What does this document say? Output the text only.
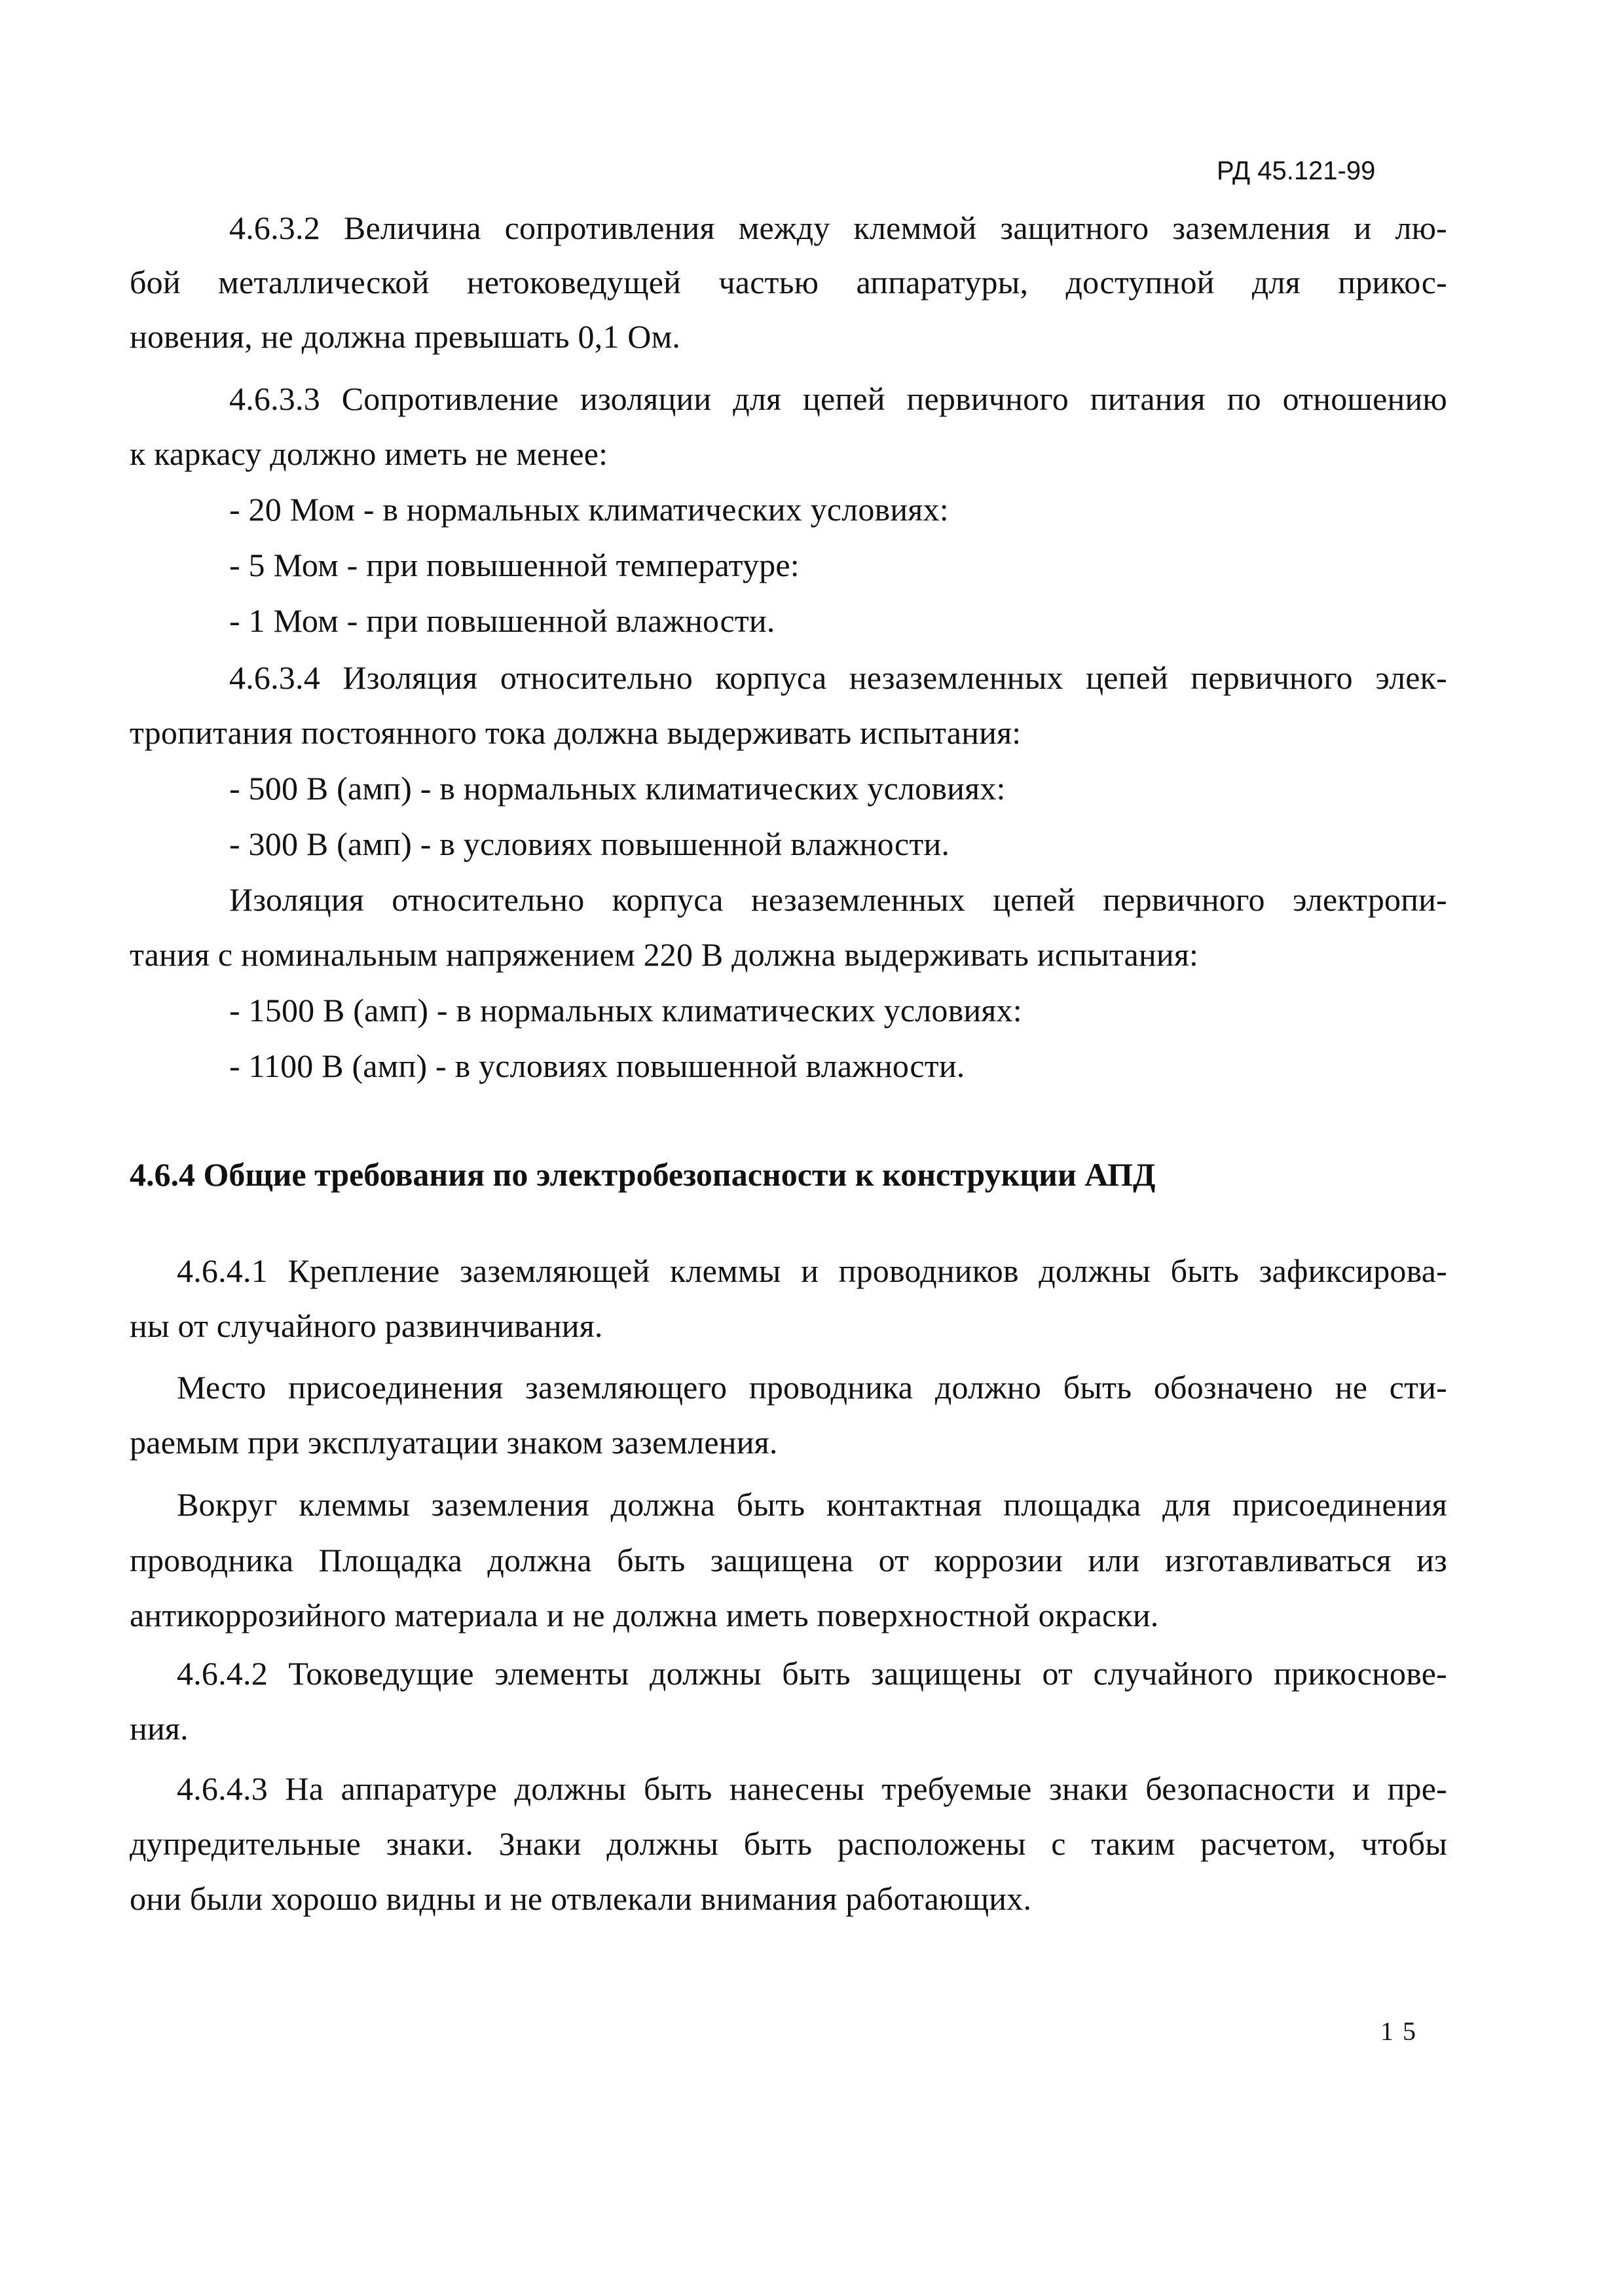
РД 45.121-99
4.6.3.2 Величина сопротивления между клеммой защитного заземления и лю-
бой металлической нетоковедущей частью аппаратуры, доступной для прикос-
новения, не должна превышать 0,1 Ом.
4.6.3.3 Сопротивление изоляции для цепей первичного питания по отношению
к каркасу должно иметь не менее:
- 20 Мом - в нормальных климатических условиях:
- 5 Мом - при повышенной температуре:
- 1 Мом - при повышенной влажности.
4.6.3.4 Изоляция относительно корпуса незаземленных цепей первичного элек-
тропитания постоянного тока должна выдерживать испытания:
- 500 В (амп) - в нормальных климатических условиях:
- 300 В (амп) - в условиях повышенной влажности.
Изоляция относительно корпуса незаземленных цепей первичного электропи-
тания с номинальным напряжением 220 В должна выдерживать испытания:
- 1500 В (амп) - в нормальных климатических условиях:
- 1100 В (амп) - в условиях повышенной влажности.
4.6.4 Общие требования по электробезопасности к конструкции АПД
4.6.4.1 Крепление заземляющей клеммы и проводников должны быть зафиксирова-
ны от случайного развинчивания.
Место присоединения заземляющего проводника должно быть обозначено не сти-
раемым при эксплуатации знаком заземления.
Вокруг клеммы заземления должна быть контактная площадка для присоединения
проводника Площадка должна быть защищена от коррозии или изготавливаться из
антикоррозийного материала и не должна иметь поверхностной окраски.
4.6.4.2 Токоведущие элементы должны быть защищены от случайного прикоснове-
ния.
4.6.4.3 На аппаратуре должны быть нанесены требуемые знаки безопасности и пре-
дупредительные знаки. Знаки должны быть расположены с таким расчетом, чтобы
они были хорошо видны и не отвлекали внимания работающих.
15
